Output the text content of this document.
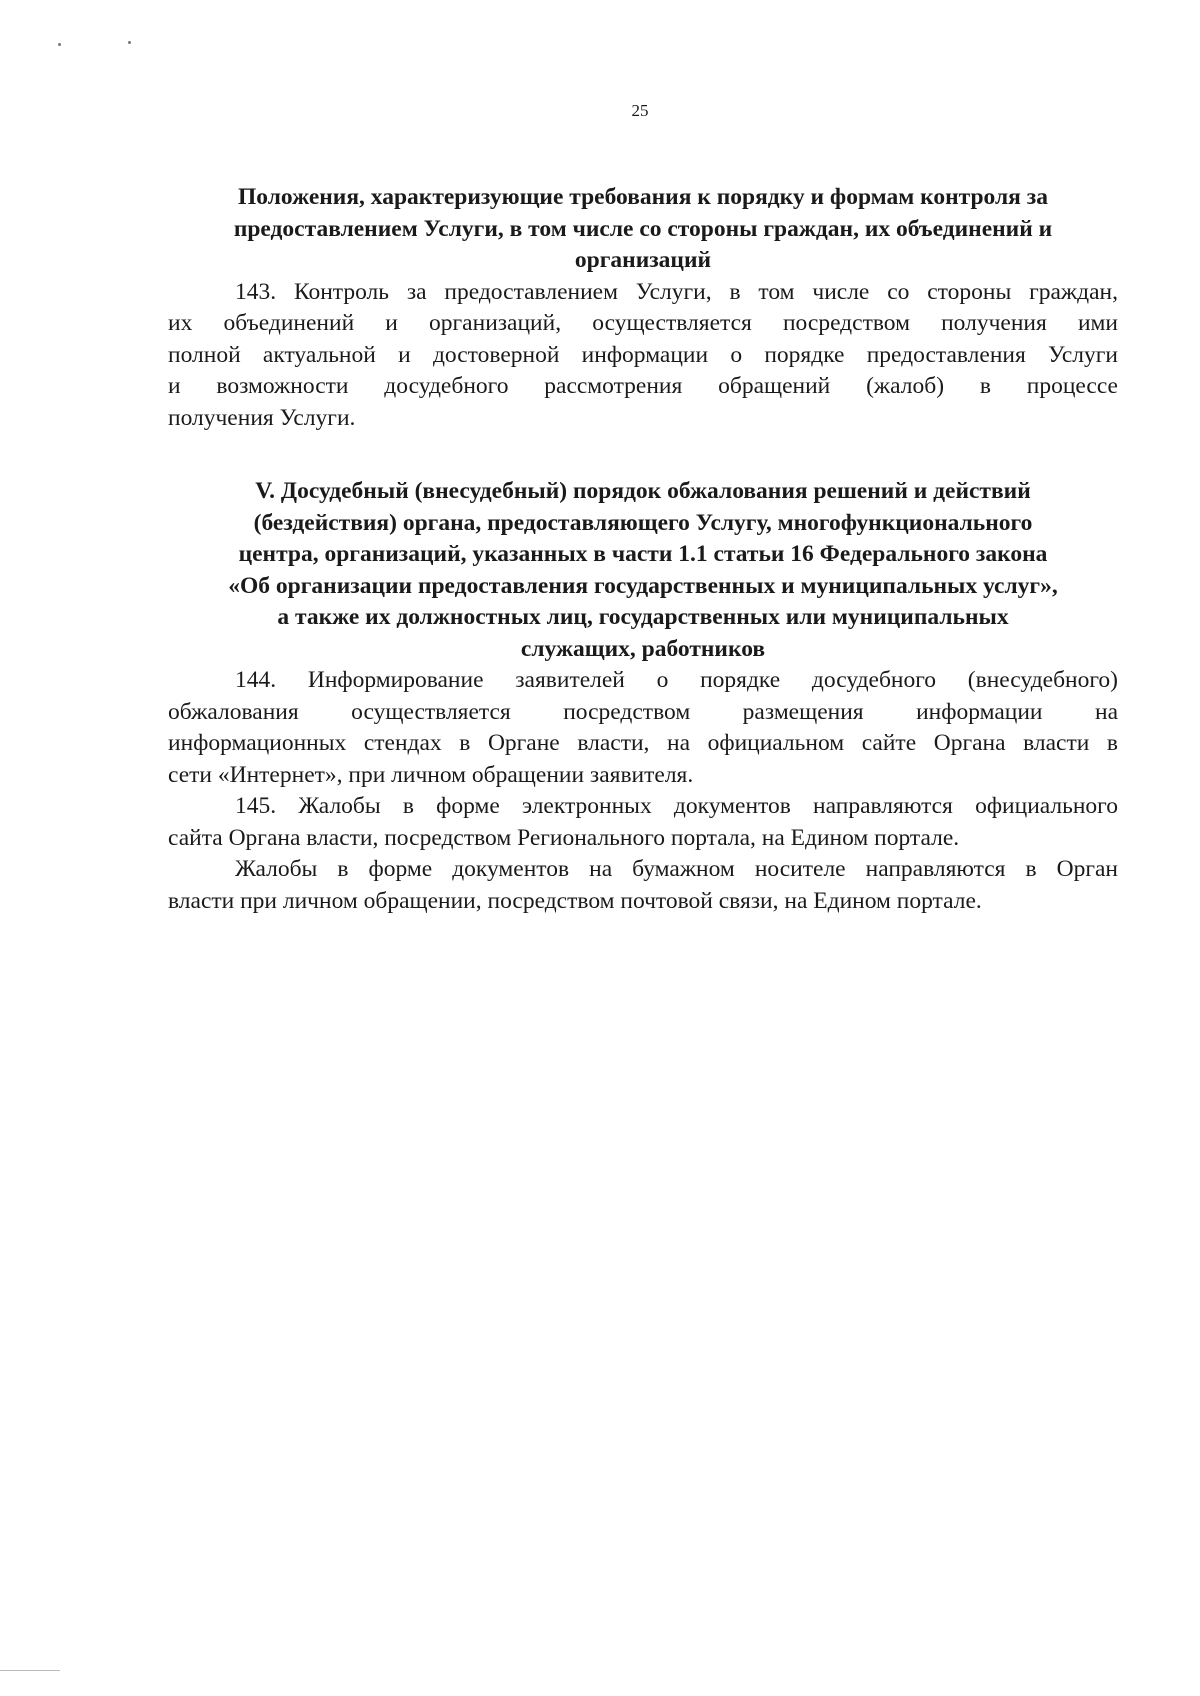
25
Положения, характеризующие требования к порядку и формам контроля за
предоставлением Услуги, в том числе со стороны граждан, их объединений и
организаций
143. Контроль за предоставлением Услуги, в том числе со стороны граждан,
их объединений и организаций, осуществляется посредством получения ими
полной актуальной и достоверной информации о порядке предоставления Услуги
и возможности досудебного рассмотрения обращений (жалоб) в процессе
получения Услуги.
V. Досудебный (внесудебный) порядок обжалования решений и действий
(бездействия) органа, предоставляющего Услугу, многофункционального
центра, организаций, указанных в части 1.1 статьи 16 Федерального закона
«Об организации предоставления государственных и муниципальных услуг»,
а также их должностных лиц, государственных или муниципальных
служащих, работников
144. Информирование заявителей о порядке досудебного (внесудебного)
обжалования осуществляется посредством размещения информации на
информационных стендах в Органе власти, на официальном сайте Органа власти в
сети «Интернет», при личном обращении заявителя.
145. Жалобы в форме электронных документов направляются официального
сайта Органа власти, посредством Регионального портала, на Едином портале.
Жалобы в форме документов на бумажном носителе направляются в Орган
власти при личном обращении, посредством почтовой связи, на Едином портале.
